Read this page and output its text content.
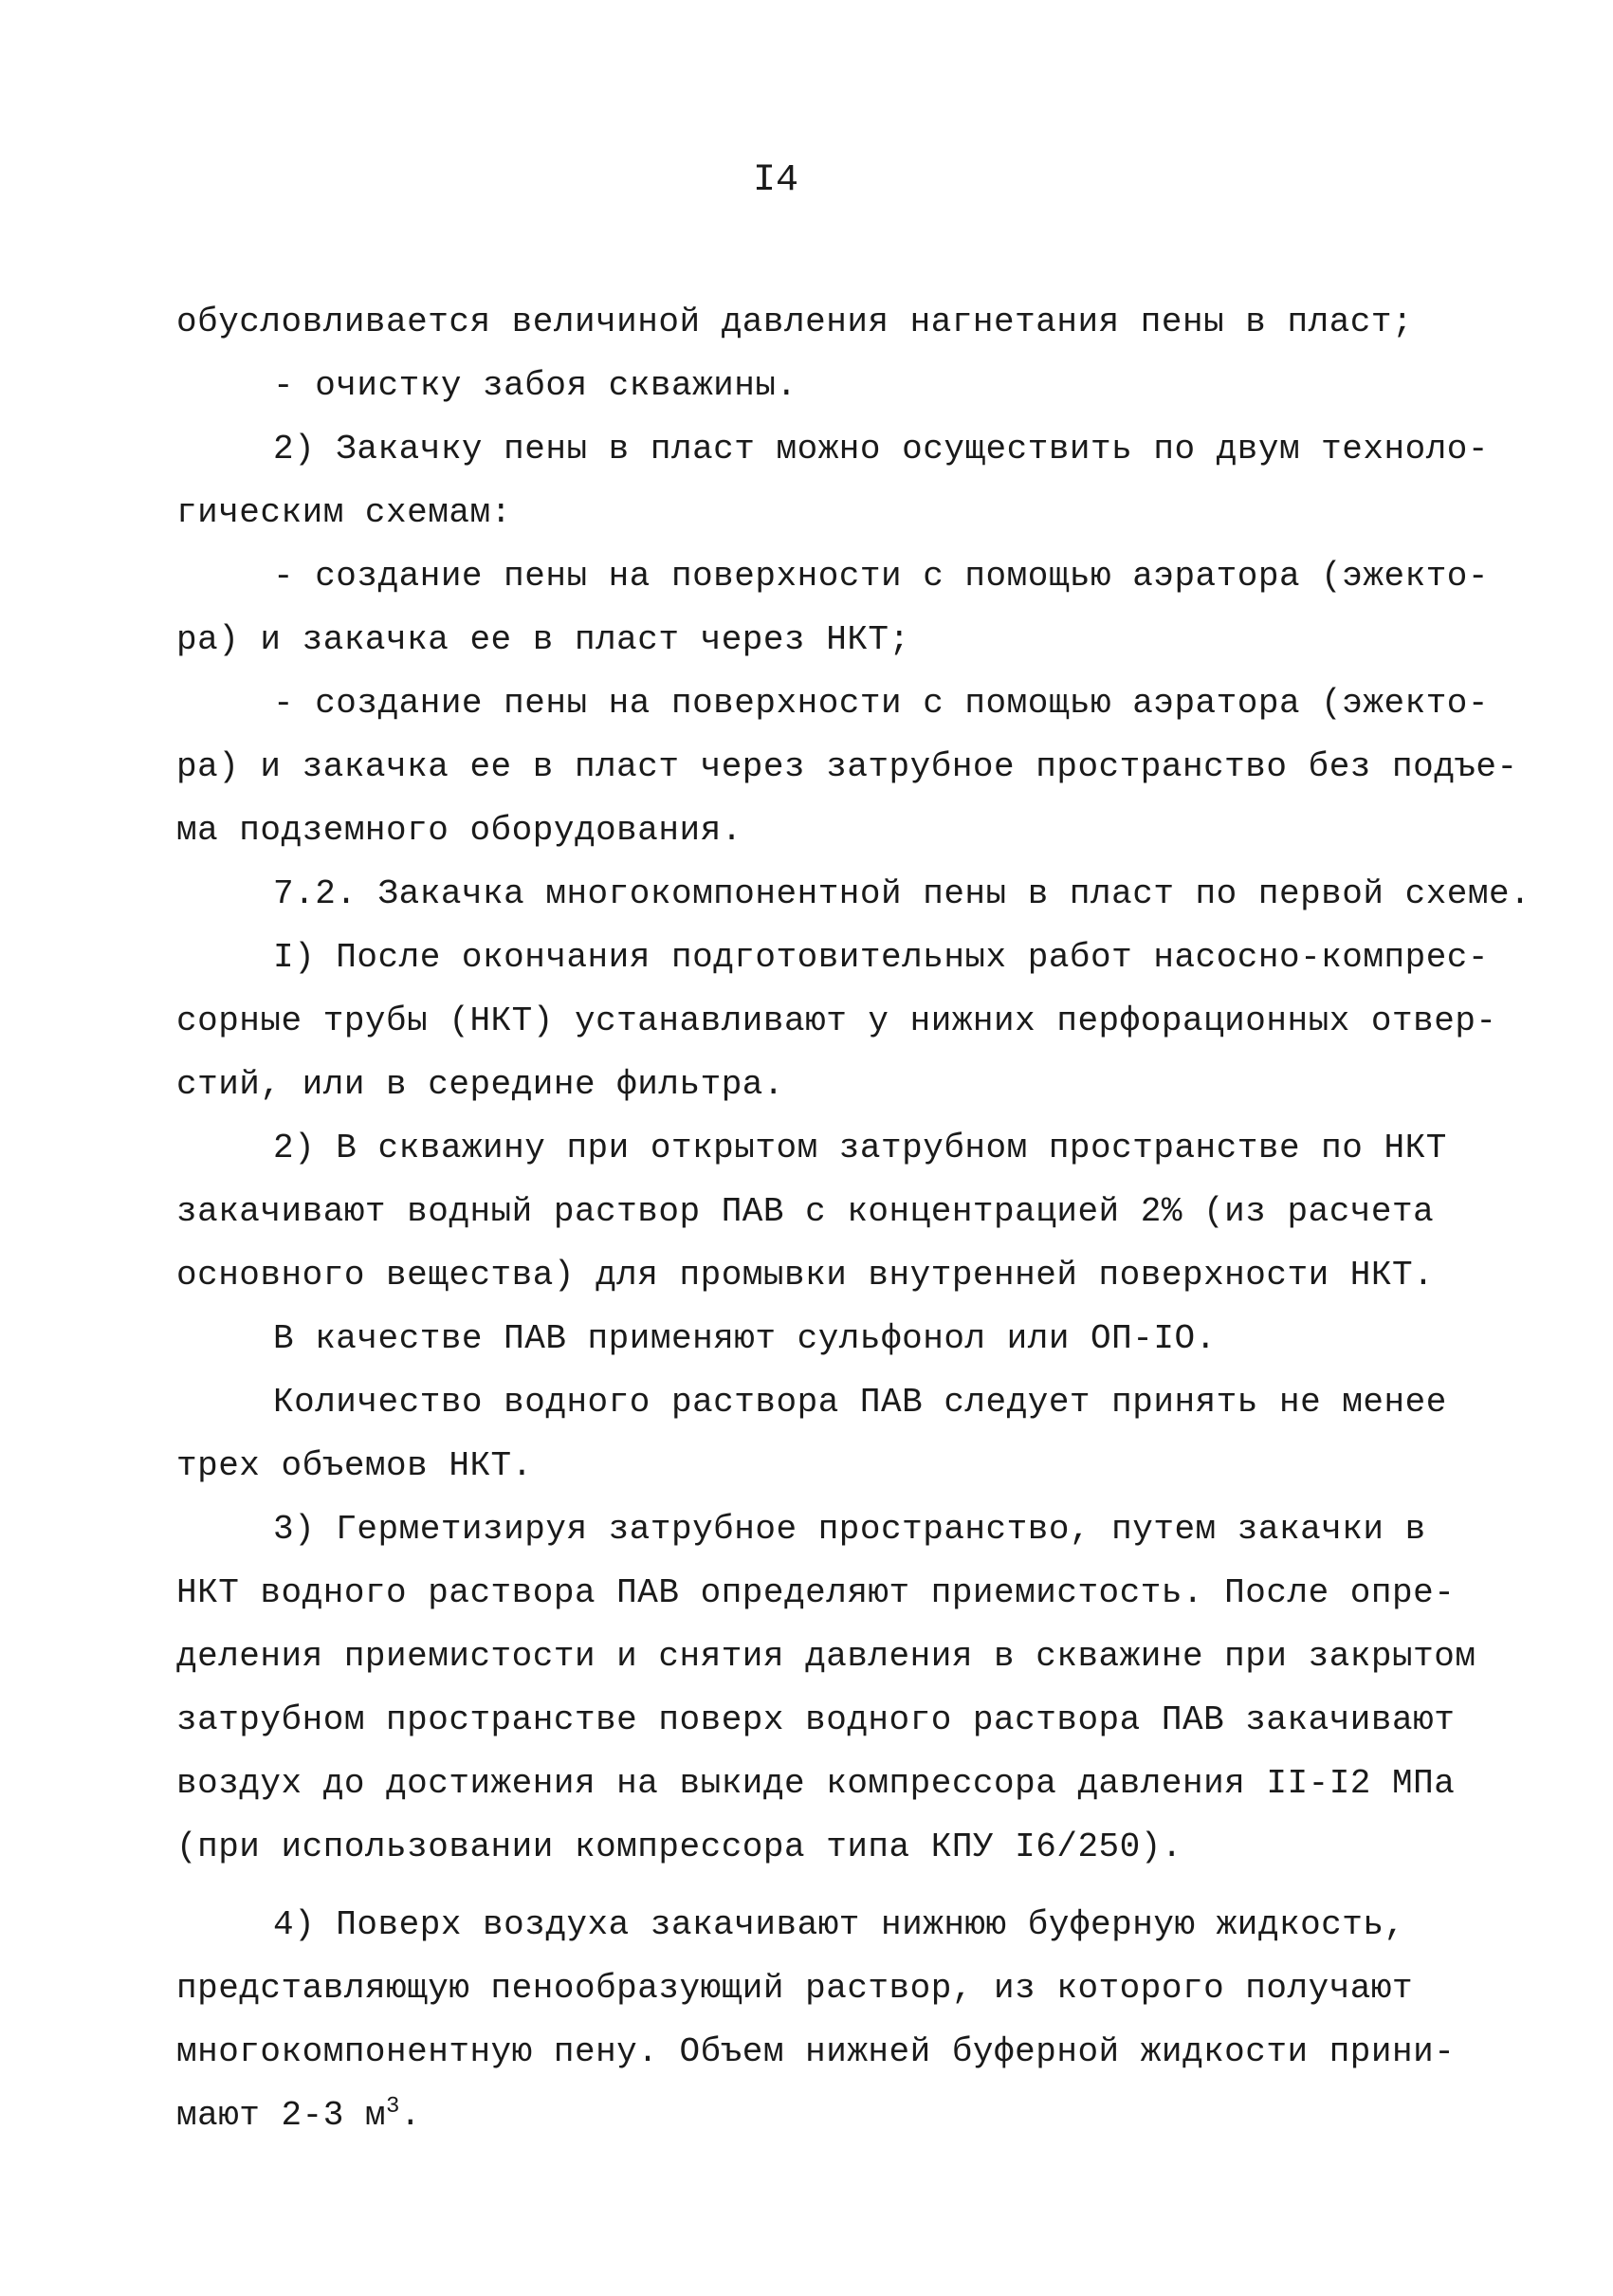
I4
обусловливается величиной давления нагнетания пены в пласт;
- очистку забоя скважины.
2) Закачку пены в пласт можно осуществить по двум техноло-
гическим схемам:
- создание пены на поверхности с помощью аэратора (эжекто-
ра) и закачка ее в пласт через НКТ;
- создание пены на поверхности с помощью аэратора (эжекто-
ра) и закачка ее в пласт через затрубное пространство без подъе-
ма подземного оборудования.
7.2. Закачка многокомпонентной пены в пласт по первой схеме.
I) После окончания подготовительных работ насосно-компрес-
сорные трубы (НКТ) устанавливают у нижних перфорационных отвер-
стий, или в середине фильтра.
2) В скважину при открытом затрубном пространстве по НКТ
закачивают водный раствор ПАВ с концентрацией 2% (из расчета
основного вещества) для промывки внутренней поверхности НКТ.
В качестве ПАВ применяют сульфонол или ОП-IO.
Количество водного раствора ПАВ следует принять не менее
трех объемов НКТ.
3) Герметизируя затрубное пространство, путем закачки в
НКТ водного раствора ПАВ определяют приемистость. После опре-
деления приемистости и снятия давления в скважине при закрытом
затрубном пространстве поверх водного раствора ПАВ закачивают
воздух до достижения на выкиде компрессора давления II-I2 МПа
(при использовании компрессора типа КПУ I6/250).
4) Поверх воздуха закачивают нижнюю буферную жидкость,
представляющую пенообразующий раствор, из которого получают
многокомпонентную пену. Объем нижней буферной жидкости прини-
мают 2-3 $м^3$.
